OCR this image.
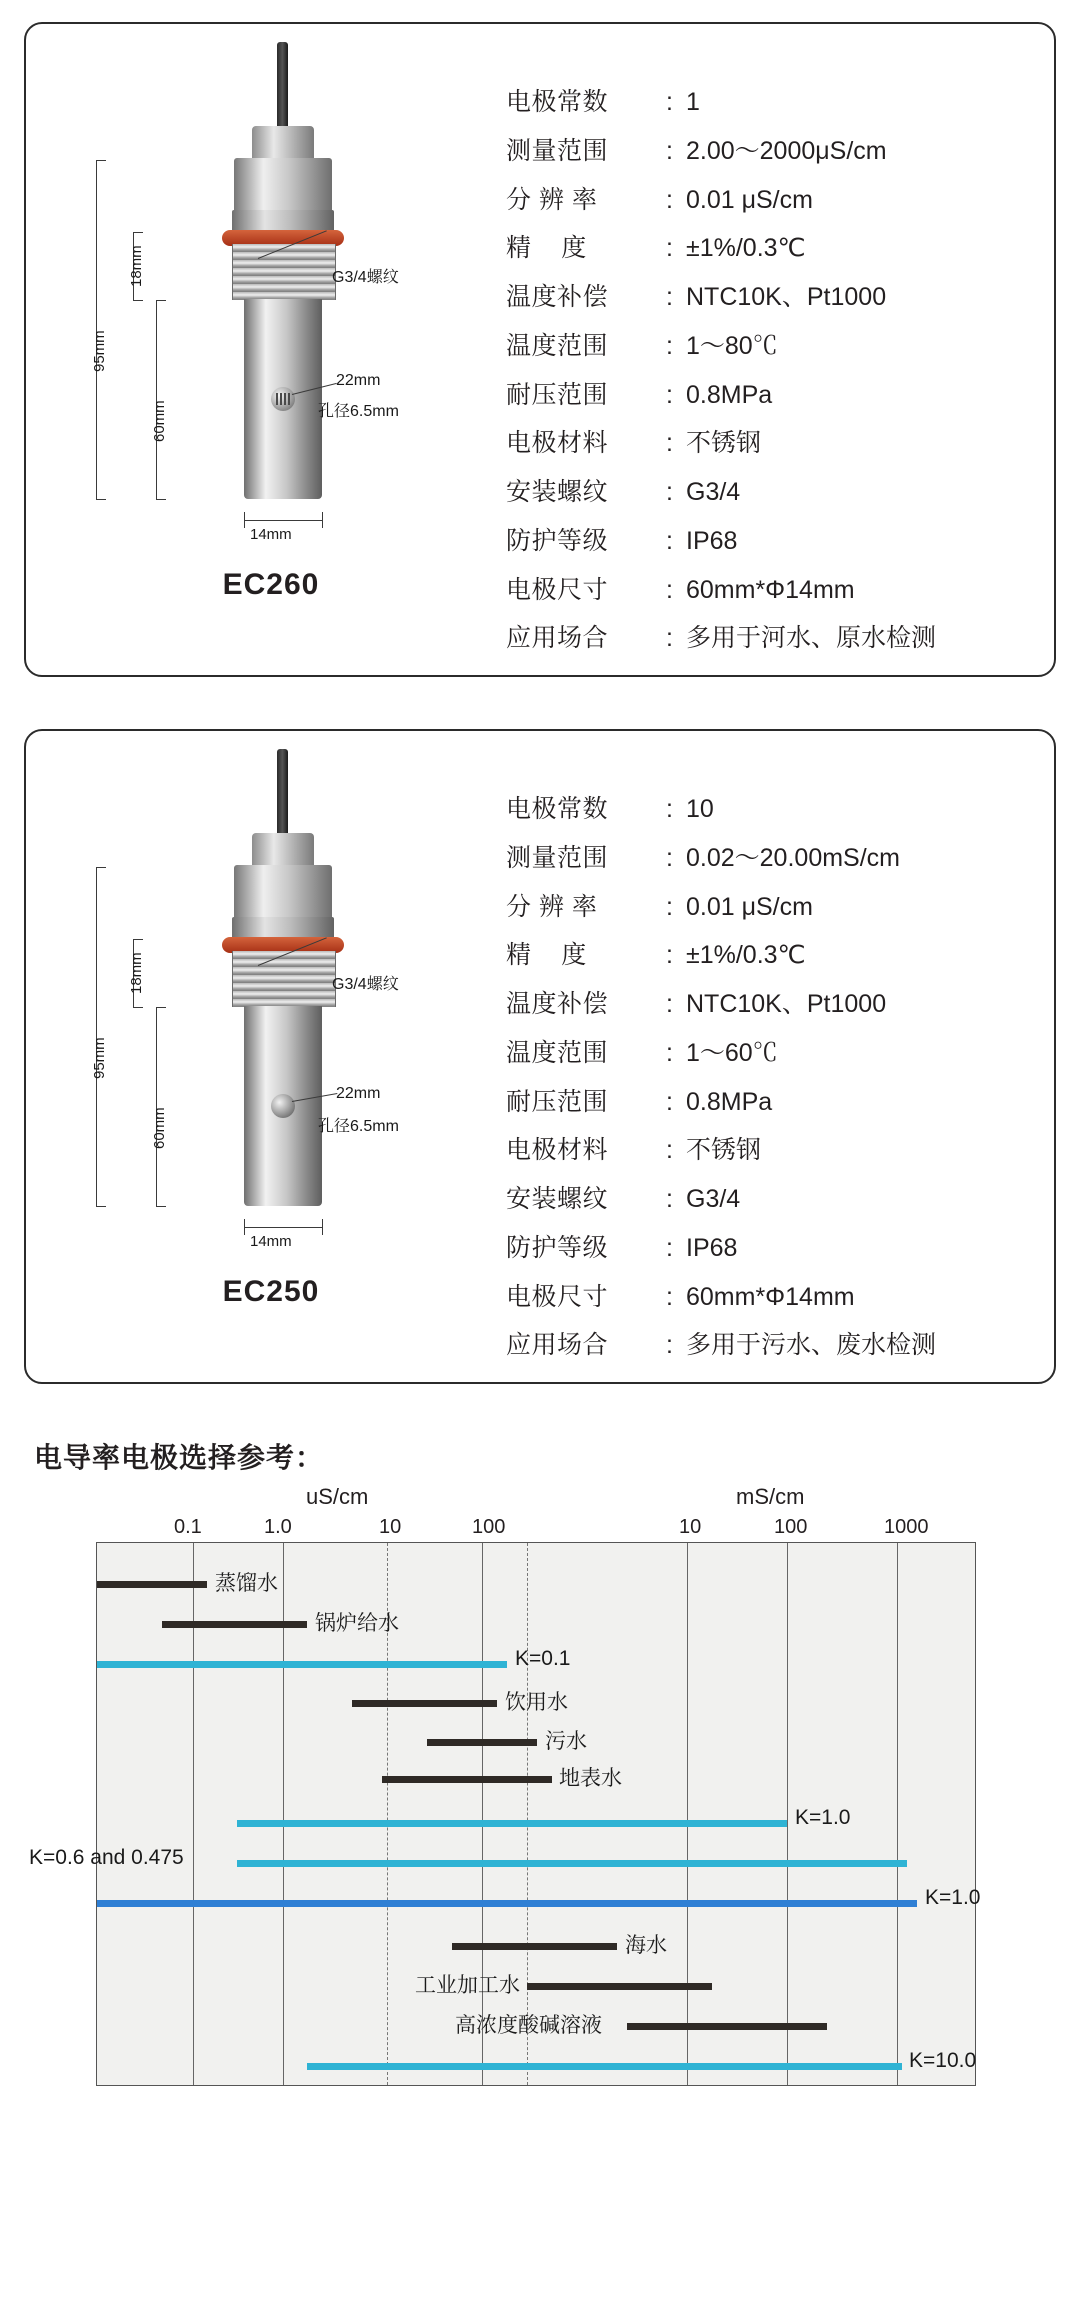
95mm
18mm
60mm
14mm
G3/4螺纹
22mm
孔径6.5mm
EC260
电极常数	: 1
测量范围	: 2.00～2000μS/cm
分 辨 率	: 0.01 μS/cm
精    度	: ±1%/0.3℃
温度补偿	: NTC10K、Pt1000
温度范围	: 1～80℃
耐压范围	: 0.8MPa
电极材料	: 不锈钢
安装螺纹	: G3/4
防护等级	: IP68
电极尺寸	: 60mm*Φ14mm
应用场合	: 多用于河水、原水检测
95mm
18mm
60mm
14mm
G3/4螺纹
22mm
孔径6.5mm
EC250
电极常数	: 10
测量范围	: 0.02～20.00mS/cm
分 辨 率	: 0.01 μS/cm
精    度	: ±1%/0.3℃
温度补偿	: NTC10K、Pt1000
温度范围	: 1～60℃
耐压范围	: 0.8MPa
电极材料	: 不锈钢
安装螺纹	: G3/4
防护等级	: IP68
电极尺寸	: 60mm*Φ14mm
应用场合	: 多用于污水、废水检测
电导率电极选择参考：
uS/cm	mS/cm
0.1	1.0	10	100	10	100	1000
蒸馏水
锅炉给水
K=0.1
饮用水
污水
地表水
K=1.0
K=0.6 and 0.475
K=1.0
海水
工业加工水
高浓度酸碱溶液
K=10.0
